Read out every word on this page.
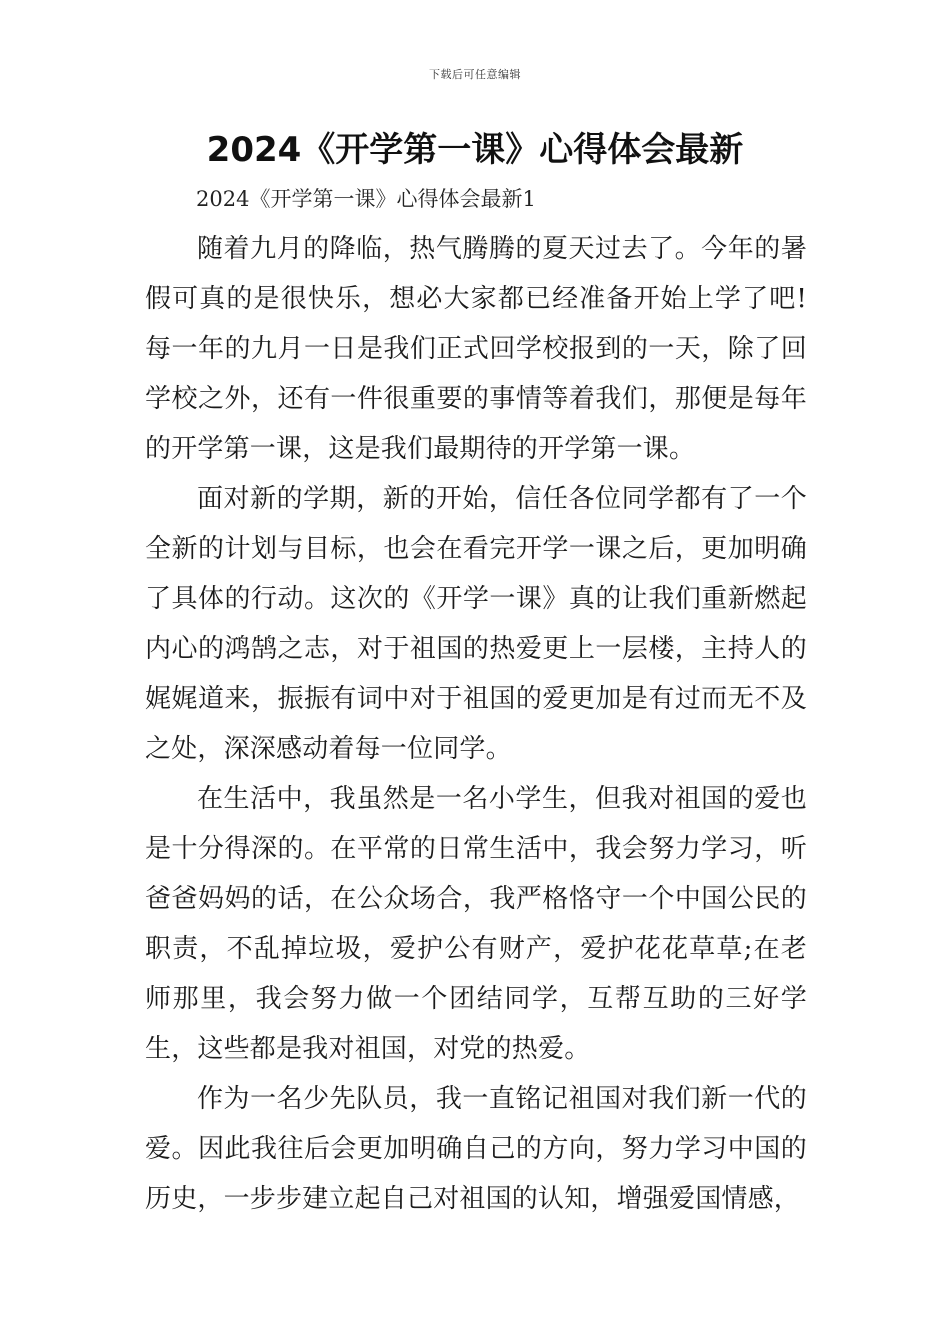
下载后可任意编辑
2024《开学第一课》心得体会最新

2024《开学第一课》心得体会最新1

随着九月的降临，热气腾腾的夏天过去了。今年的暑假可真的是很快乐，想必大家都已经准备开始上学了吧!每一年的九月一日是我们正式回学校报到的一天，除了回学校之外，还有一件很重要的事情等着我们，那便是每年的开学第一课，这是我们最期待的开学第一课。

面对新的学期，新的开始，信任各位同学都有了一个全新的计划与目标，也会在看完开学一课之后，更加明确了具体的行动。这次的《开学一课》真的让我们重新燃起内心的鸿鹄之志，对于祖国的热爱更上一层楼，主持人的娓娓道来，振振有词中对于祖国的爱更加是有过而无不及之处，深深感动着每一位同学。

在生活中，我虽然是一名小学生，但我对祖国的爱也是十分得深的。在平常的日常生活中，我会努力学习，听爸爸妈妈的话，在公众场合，我严格恪守一个中国公民的职责，不乱掉垃圾，爱护公有财产，爱护花花草草;在老师那里，我会努力做一个团结同学，互帮互助的三好学生，这些都是我对祖国，对党的热爱。

作为一名少先队员，我一直铭记祖国对我们新一代的爱。因此我往后会更加明确自己的方向，努力学习中国的历史，一步步建立起自己对祖国的认知，增强爱国情感，
